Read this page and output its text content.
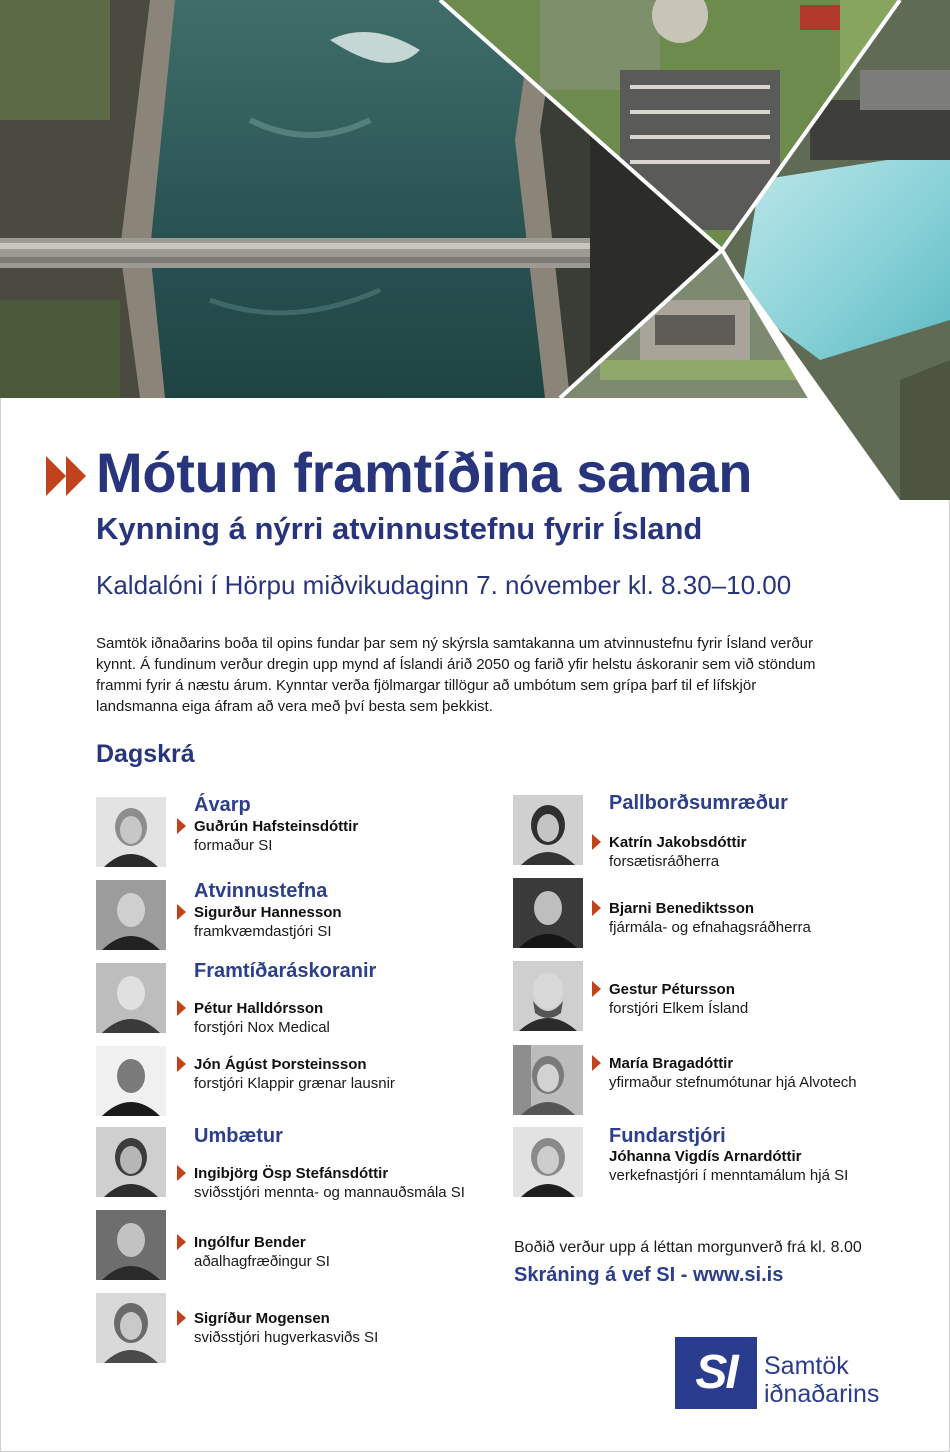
Mótum framtíðina saman
Kynning á nýrri atvinnustefnu fyrir Ísland
Kaldalóni í Hörpu miðvikudaginn 7. nóvember kl. 8.30–10.00
Samtök iðnaðarins boða til opins fundar þar sem ný skýrsla samtakanna um atvinnustefnu fyrir Ísland verður kynnt. Á fundinum verður dregin upp mynd af Íslandi árið 2050 og farið yfir helstu áskoranir sem við stöndum frammi fyrir á næstu árum. Kynntar verða fjölmargar tillögur að umbótum sem grípa þarf til ef lífskjör landsmanna eiga áfram að vera með því besta sem þekkist.
Dagskrá
Ávarp
Guðrún Hafsteinsdóttir
formaður SI
Atvinnustefna
Sigurður Hannesson
framkvæmdastjóri SI
Framtíðaráskoranir
Pétur Halldórsson
forstjóri Nox Medical
Jón Ágúst Þorsteinsson
forstjóri Klappir grænar lausnir
Umbætur
Ingibjörg Ösp Stefánsdóttir
sviðsstjóri mennta- og mannauðsmála SI
Ingólfur Bender
aðalhagfræðingur SI
Sigríður Mogensen
sviðsstjóri hugverkasviðs SI
Pallborðsumræður
Katrín Jakobsdóttir
forsætisráðherra
Bjarni Benediktsson
fjármála- og efnahagsráðherra
Gestur Pétursson
forstjóri Elkem Ísland
María Bragadóttir
yfirmaður stefnumótunar hjá Alvotech
Fundarstjóri
Jóhanna Vigdís Arnardóttir
verkefnastjóri í menntamálum hjá SI
Boðið verður upp á léttan morgunverð frá kl. 8.00
Skráning á vef SI - www.si.is
SI	Samtök
iðnaðarins
